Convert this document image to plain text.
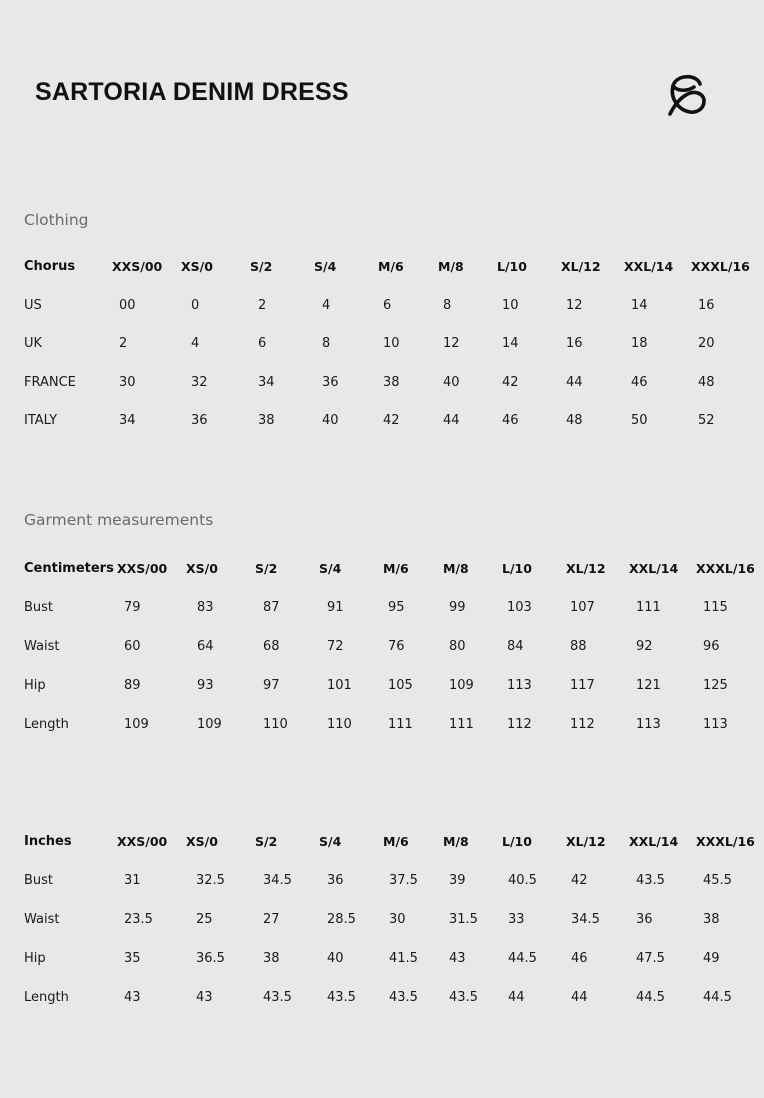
SARTORIA DENIM DRESS
Clothing
Chorus	XXS/00 XS/0	S/2	S/4	M/6	M/8	L/10	XL/12 XXL/14 XXXL/16
US	00	0	2	4	6	8	10	12	14	16
UK	2	4	6	8	10	12	14	16	18	20
FRANCE	30	32	34	36	38	40	42	44	46	48
ITALY	34	36	38	40	42	44	46	48	50	52
Garment measurements
Centimeters XXS/00 XS/0	S/2	S/4	M/6	M/8	L/10	XL/12 XXL/14 XXXL/16
Bust	79	83	87	91	95	99	103	107	111	115
Waist	60	64	68	72	76	80	84	88	92	96
Hip	89	93	97	101	105	109	113	117	121	125
Length	109	109	110	110	111	111	112	112	113	113
Inches	XXS/00 XS/0	S/2	S/4	M/6	M/8	L/10	XL/12 XXL/14 XXXL/16
Bust	31	32.5	34.5	36	37.5 39	40.5	42	43.5	45.5
Waist	23.5	25	27	28.5	30	31.5 33	34.5	36	38
Hip	35	36.5	38	40	41.5 43	44.5	46	47.5	49
Length	43	43	43.5	43.5	43.5 43.5 44	44	44.5	44.5
